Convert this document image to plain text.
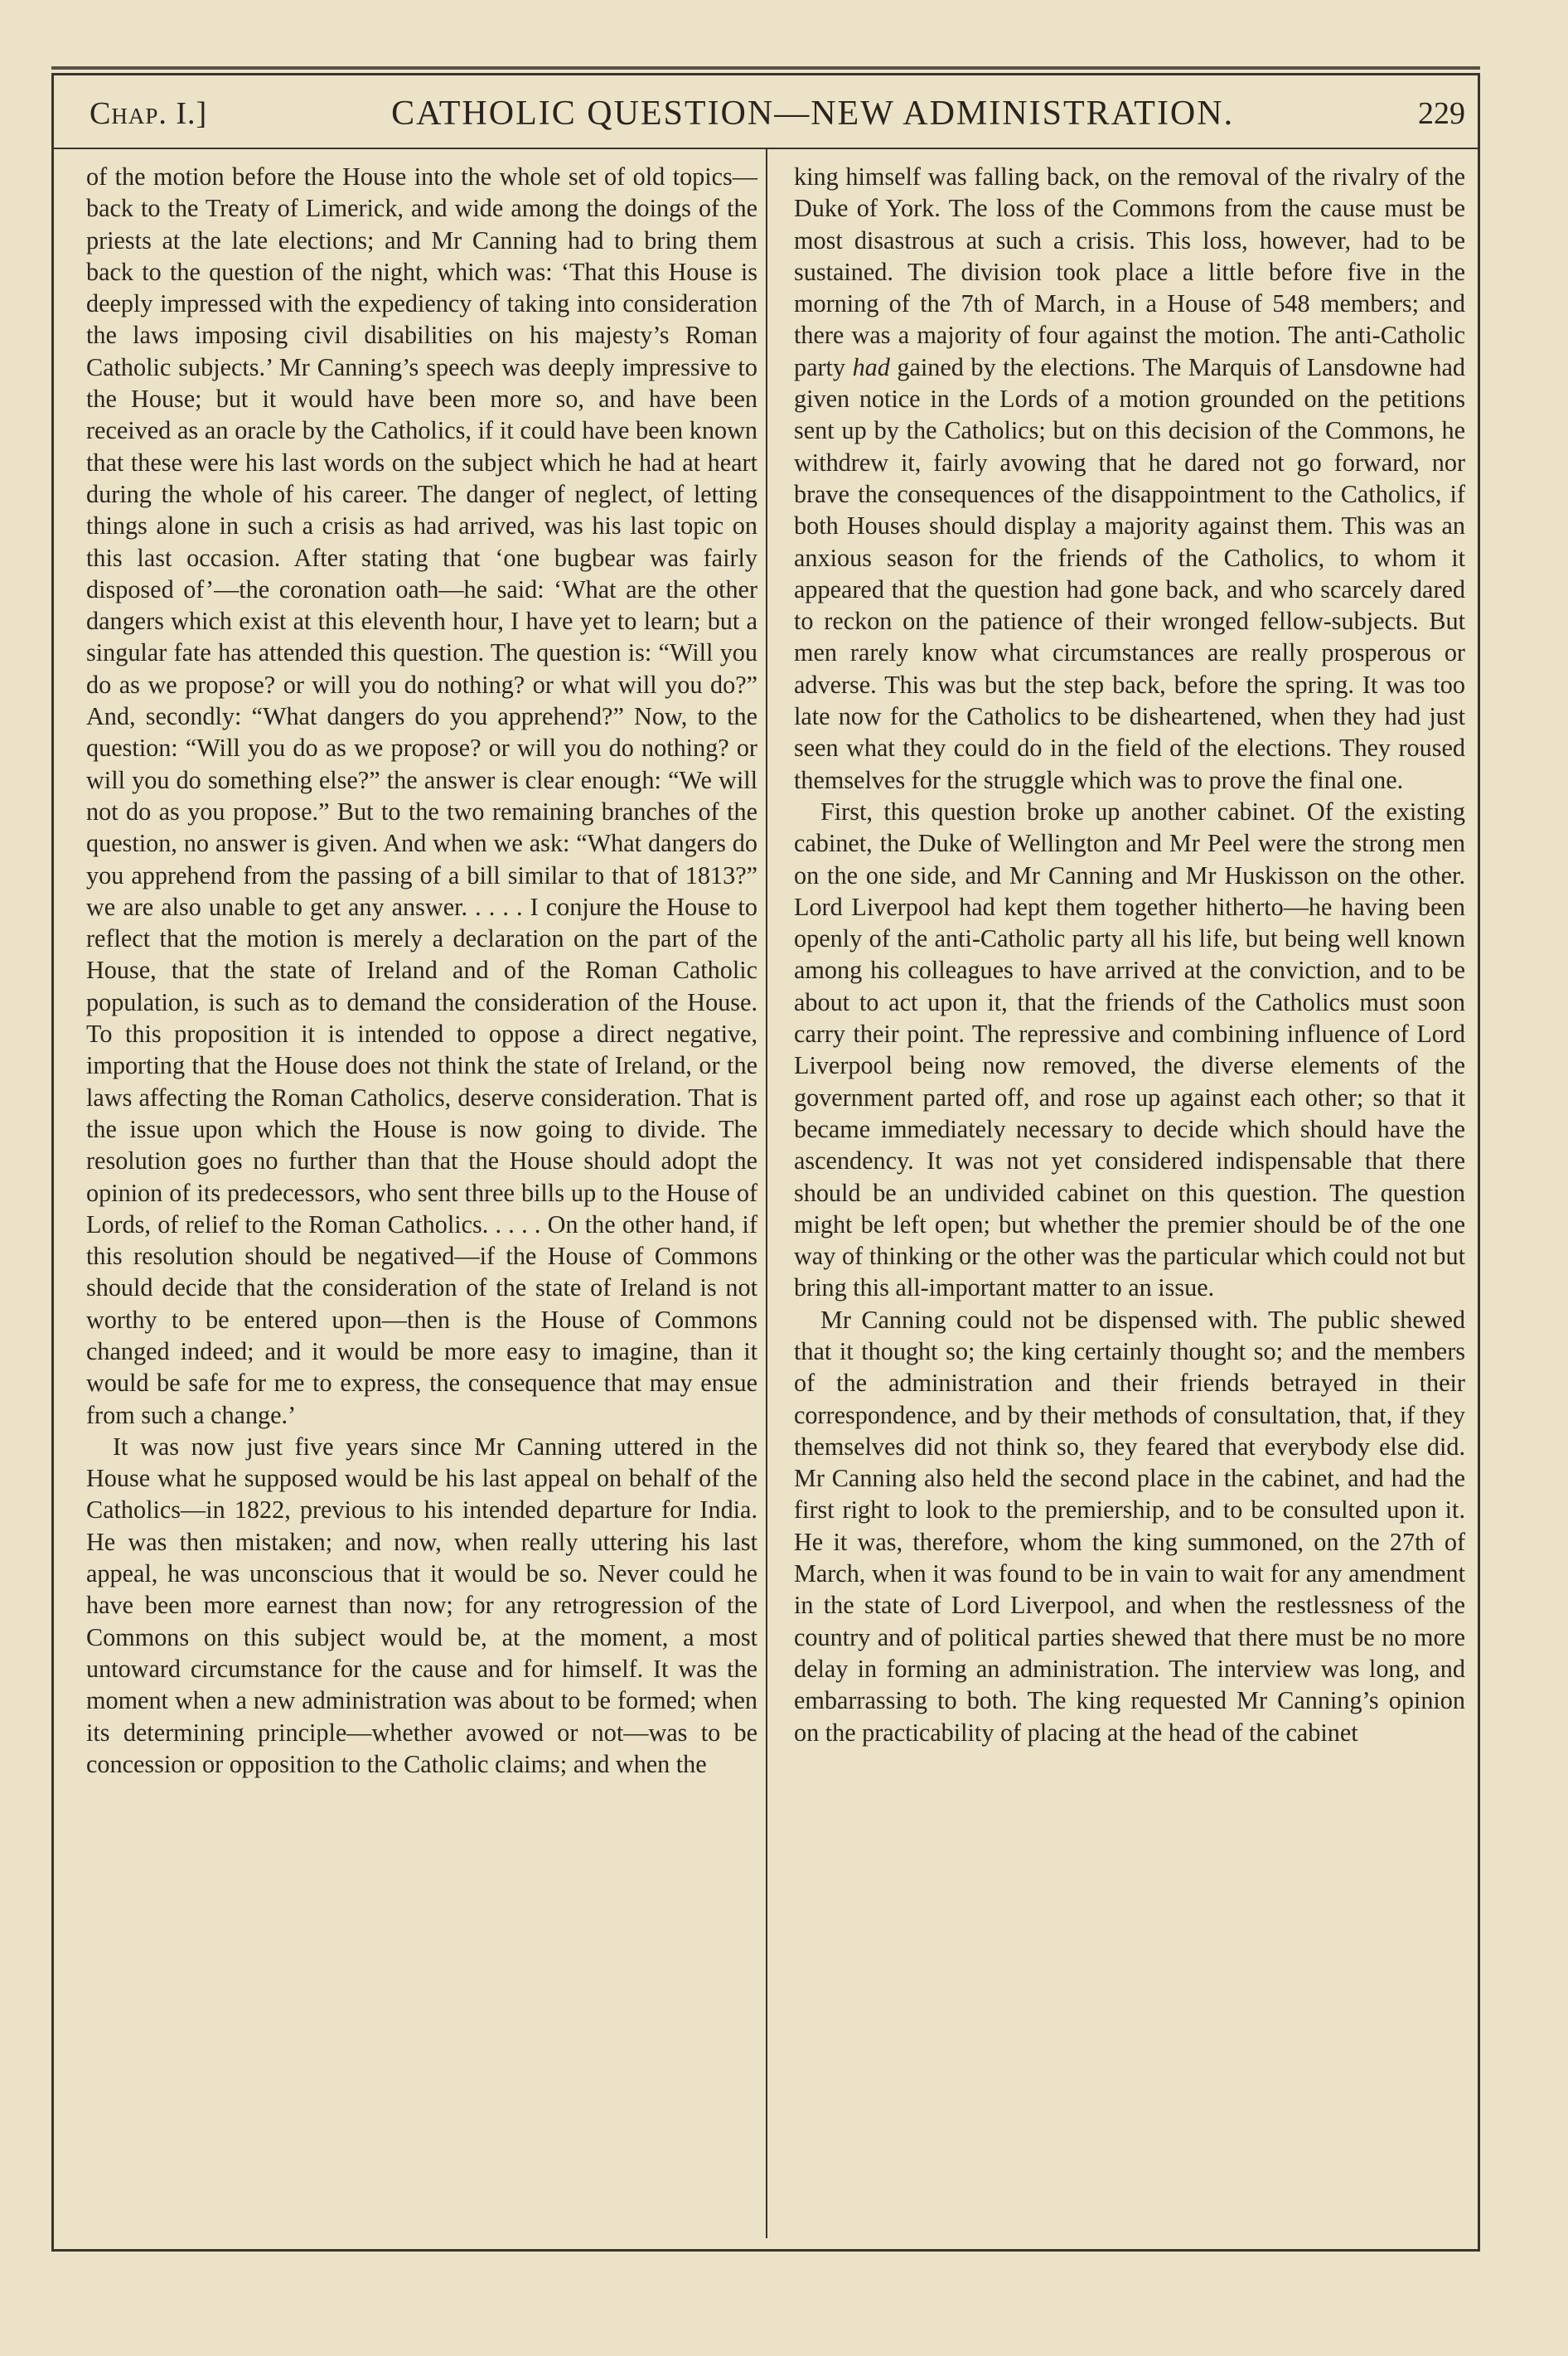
Chap. I.]	CATHOLIC QUESTION—NEW ADMINISTRATION.	229

of the motion before the House into the whole set of old topics—back to the Treaty of Limerick, and wide among the doings of the priests at the late elections; and Mr Canning had to bring them back to the question of the night, which was: ‘That this House is deeply impressed with the expediency of taking into consideration the laws imposing civil disabilities on his majesty’s Roman Catholic subjects.’ Mr Canning’s speech was deeply impressive to the House; but it would have been more so, and have been received as an oracle by the Catholics, if it could have been known that these were his last words on the subject which he had at heart during the whole of his career. The danger of neglect, of letting things alone in such a crisis as had arrived, was his last topic on this last occasion. After stating that ‘one bugbear was fairly disposed of’—the coronation oath—he said: ‘What are the other dangers which exist at this eleventh hour, I have yet to learn; but a singular fate has attended this question. The question is: “Will you do as we propose? or will you do nothing? or what will you do?” And, secondly: “What dangers do you apprehend?” Now, to the question: “Will you do as we propose? or will you do nothing? or will you do something else?” the answer is clear enough: “We will not do as you propose.” But to the two remaining branches of the question, no answer is given. And when we ask: “What dangers do you apprehend from the passing of a bill similar to that of 1813?” we are also unable to get any answer. . . . . I conjure the House to reflect that the motion is merely a declaration on the part of the House, that the state of Ireland and of the Roman Catholic population, is such as to demand the consideration of the House. To this proposition it is intended to oppose a direct negative, importing that the House does not think the state of Ireland, or the laws affecting the Roman Catholics, deserve consideration. That is the issue upon which the House is now going to divide. The resolution goes no further than that the House should adopt the opinion of its predecessors, who sent three bills up to the House of Lords, of relief to the Roman Catholics. . . . . On the other hand, if this resolution should be negatived—if the House of Commons should decide that the consideration of the state of Ireland is not worthy to be entered upon—then is the House of Commons changed indeed; and it would be more easy to imagine, than it would be safe for me to express, the consequence that may ensue from such a change.’

It was now just five years since Mr Canning uttered in the House what he supposed would be his last appeal on behalf of the Catholics—in 1822, previous to his intended departure for India. He was then mistaken; and now, when really uttering his last appeal, he was unconscious that it would be so. Never could he have been more earnest than now; for any retrogression of the Commons on this subject would be, at the moment, a most untoward circumstance for the cause and for himself. It was the moment when a new administration was about to be formed; when its determining principle—whether avowed or not—was to be concession or opposition to the Catholic claims; and when the

king himself was falling back, on the removal of the rivalry of the Duke of York. The loss of the Commons from the cause must be most disastrous at such a crisis. This loss, however, had to be sustained. The division took place a little before five in the morning of the 7th of March, in a House of 548 members; and there was a majority of four against the motion. The anti-Catholic party had gained by the elections. The Marquis of Lansdowne had given notice in the Lords of a motion grounded on the petitions sent up by the Catholics; but on this decision of the Commons, he withdrew it, fairly avowing that he dared not go forward, nor brave the consequences of the disappointment to the Catholics, if both Houses should display a majority against them. This was an anxious season for the friends of the Catholics, to whom it appeared that the question had gone back, and who scarcely dared to reckon on the patience of their wronged fellow-subjects. But men rarely know what circumstances are really prosperous or adverse. This was but the step back, before the spring. It was too late now for the Catholics to be disheartened, when they had just seen what they could do in the field of the elections. They roused themselves for the struggle which was to prove the final one.

First, this question broke up another cabinet. Of the existing cabinet, the Duke of Wellington and Mr Peel were the strong men on the one side, and Mr Canning and Mr Huskisson on the other. Lord Liverpool had kept them together hitherto—he having been openly of the anti-Catholic party all his life, but being well known among his colleagues to have arrived at the conviction, and to be about to act upon it, that the friends of the Catholics must soon carry their point. The repressive and combining influence of Lord Liverpool being now removed, the diverse elements of the government parted off, and rose up against each other; so that it became immediately necessary to decide which should have the ascendency. It was not yet considered indispensable that there should be an undivided cabinet on this question. The question might be left open; but whether the premier should be of the one way of thinking or the other was the particular which could not but bring this all-important matter to an issue.

Mr Canning could not be dispensed with. The public shewed that it thought so; the king certainly thought so; and the members of the administration and their friends betrayed in their correspondence, and by their methods of consultation, that, if they themselves did not think so, they feared that everybody else did. Mr Canning also held the second place in the cabinet, and had the first right to look to the premiership, and to be consulted upon it. He it was, therefore, whom the king summoned, on the 27th of March, when it was found to be in vain to wait for any amendment in the state of Lord Liverpool, and when the restlessness of the country and of political parties shewed that there must be no more delay in forming an administration. The interview was long, and embarrassing to both. The king requested Mr Canning’s opinion on the practicability of placing at the head of the cabinet
